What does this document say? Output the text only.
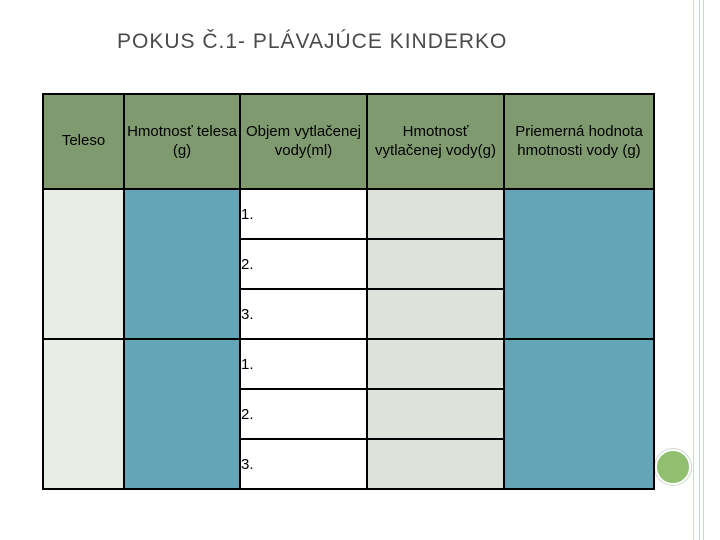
POKUS Č.1- PLÁVAJÚCE KINDERKO
Teleso	Hmotnosť telesa (g)	Objem vytlačenej vody(ml)	Hmotnosť vytlačenej vody(g)	Priemerná hodnota hmotnosti vody (g)
		1.		
		2.		
		3.		
		1.		
		2.		
		3.		
